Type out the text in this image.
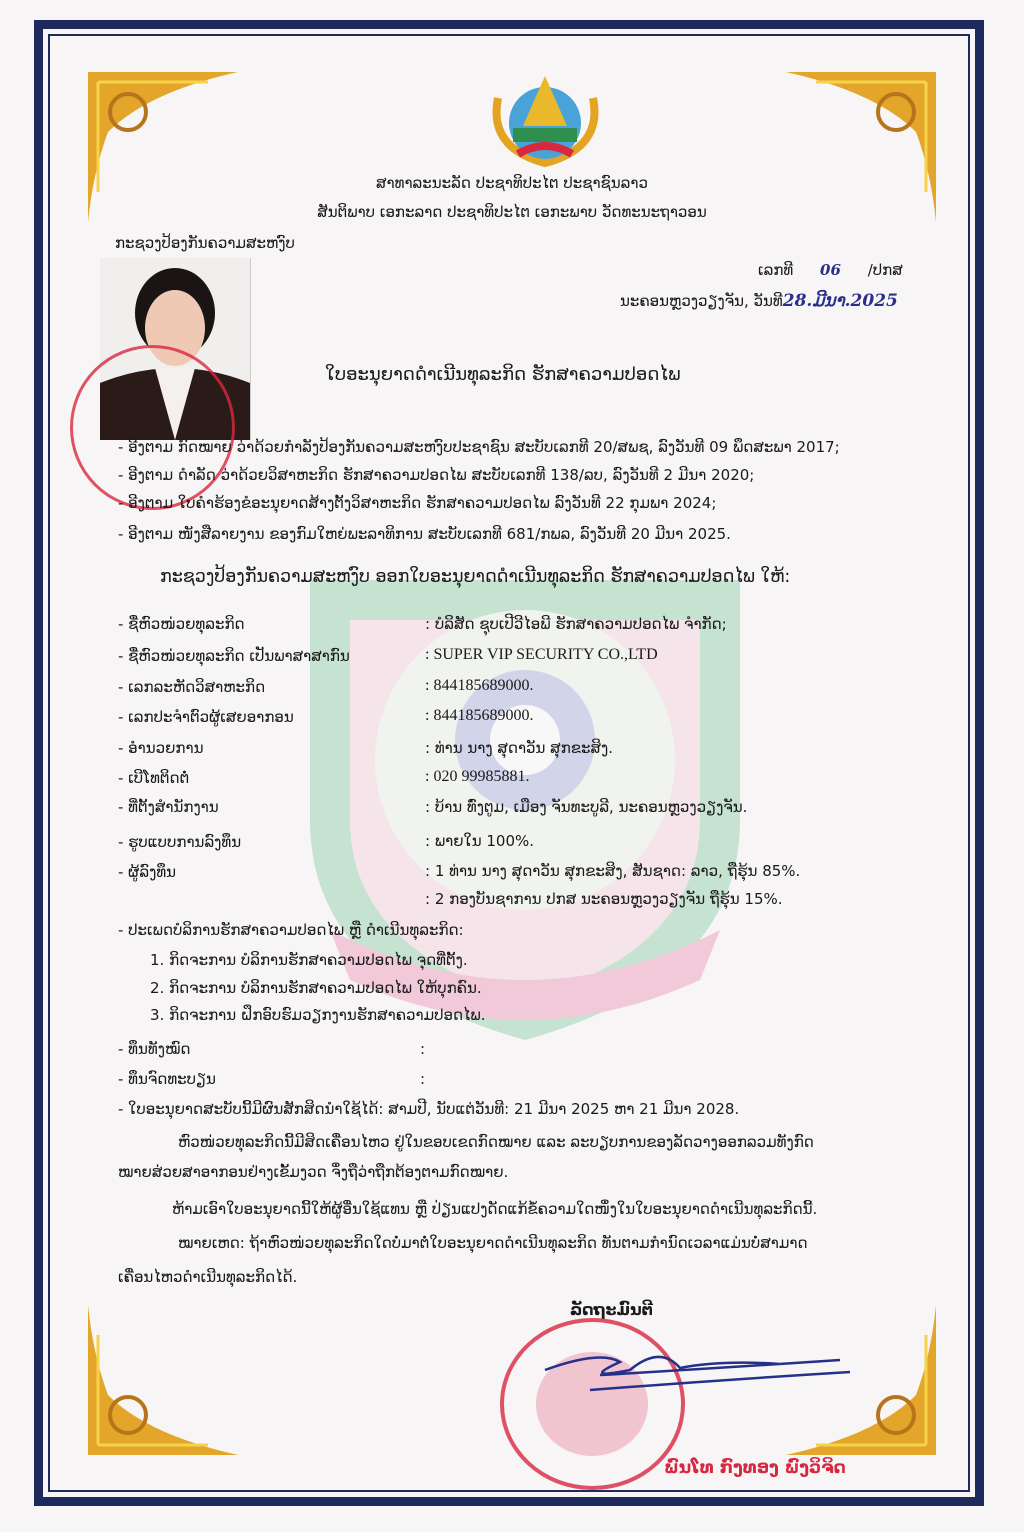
ສາທາລະນະລັດ ປະຊາທິປະໄຕ ປະຊາຊົນລາວ
ສັນຕິພາບ ເອກະລາດ ປະຊາທິປະໄຕ ເອກະພາບ ວັດທະນະຖາວອນ
ກະຊວງປ້ອງກັນຄວາມສະຫງົບ
ເລກທີ 06 /ປກສ
ນະຄອນຫຼວງວຽງຈັນ, ວັນທີ28.ມີນາ.2025
ໃບອະນຸຍາດດຳເນີນທຸລະກິດ ຮັກສາຄວາມປອດໄພ
- ອີງຕາມ ກົດໝາຍ ວ່າດ້ວຍກຳລັງປ້ອງກັນຄວາມສະຫງົບປະຊາຊົນ ສະບັບເລກທີ 20/ສພຊ, ລົງວັນທີ 09 ພຶດສະພາ 2017;
- ອີງຕາມ ດຳລັດ ວ່າດ້ວຍວິສາຫະກິດ ຮັກສາຄວາມປອດໄພ ສະບັບເລກທີ 138/ລບ, ລົງວັນທີ 2 ມີນາ 2020;
- ອີງຕາມ ໃບຄຳຮ້ອງຂໍອະນຸຍາດສ້າງຕັ້ງວິສາຫະກິດ ຮັກສາຄວາມປອດໄພ ລົງວັນທີ 22 ກຸມພາ 2024;
- ອີງຕາມ ໜັງສືລາຍງານ ຂອງກົມໃຫຍ່ພະລາທິການ ສະບັບເລກທີ 681/ກພລ, ລົງວັນທີ 20 ມີນາ 2025.
ກະຊວງປ້ອງກັນຄວາມສະຫງົບ ອອກໃບອະນຸຍາດດຳເນີນທຸລະກິດ ຮັກສາຄວາມປອດໄພ ໃຫ້:
- ຊື່ຫົວໜ່ວຍທຸລະກິດ	: ບໍລິສັດ ຊຸບເປີວີໄອພີ ຮັກສາຄວາມປອດໄພ ຈຳກັດ;
- ຊື່ຫົວໜ່ວຍທຸລະກິດ ເປັນພາສາສາກົນ	: SUPER VIP SECURITY CO.,LTD
- ເລກລະຫັດວິສາຫະກິດ	: 844185689000.
- ເລກປະຈຳຕົວຜູ້ເສຍອາກອນ	: 844185689000.
- ອຳນວຍການ	: ທ່ານ ນາງ ສຸດາວັນ ສຸກຂະສິງ.
- ເບີໂທຕິດຕໍ່	: 020 99985881.
- ທີ່ຕັ້ງສຳນັກງານ	: ບ້ານ ທົ່ງຕູມ, ເມືອງ ຈັນທະບູລີ, ນະຄອນຫຼວງວຽງຈັນ.
- ຮູບແບບການລົງທຶນ	: ພາຍໃນ 100%.
- ຜູ້ລົງທຶນ	: 1 ທ່ານ ນາງ ສຸດາວັນ ສຸກຂະສິງ, ສັນຊາດ: ລາວ, ຖືຮຸ້ນ 85%.
: 2 ກອງບັນຊາການ ປກສ ນະຄອນຫຼວງວຽງຈັນ ຖືຮຸ້ນ 15%.
- ປະເພດບໍລິການຮັກສາຄວາມປອດໄພ ຫຼື ດຳເນີນທຸລະກິດ:
1. ກິດຈະການ ບໍລິການຮັກສາຄວາມປອດໄພ ຈຸດທີ່ຕັ້ງ.
2. ກິດຈະການ ບໍລິການຮັກສາຄວາມປອດໄພ ໃຫ້ບຸກຄົນ.
3. ກິດຈະການ ຝຶກອົບຮົມວຽກງານຮັກສາຄວາມປອດໄພ.
- ທຶນທັງໝົດ	:
- ທຶນຈົດທະບຽນ	:
- ໃບອະນຸຍາດສະບັບນີ້ມີຜົນສັກສິດນຳໃຊ້ໄດ້: ສາມປີ, ນັບແຕ່ວັນທີ: 21 ມີນາ 2025 ຫາ 21 ມີນາ 2028.
ຫົວໜ່ວຍທຸລະກິດນີ້ມີສິດເຄື່ອນໄຫວ ຢູ່ໃນຂອບເຂດກົດໝາຍ ແລະ ລະບຽບການຂອງລັດວາງອອກລວມທັງກົດ
ໝາຍສ່ວຍສາອາກອນຢ່າງເຂັ້ມງວດ ຈຶ່ງຖືວ່າຖືກຕ້ອງຕາມກົດໝາຍ.
ຫ້າມເອົາໃບອະນຸຍາດນີ້ໃຫ້ຜູ້ອື່ນໃຊ້ແທນ ຫຼື ປ່ຽນແປງດັດແກ້ຂໍ້ຄວາມໃດໜຶ່ງໃນໃບອະນຸຍາດດຳເນີນທຸລະກິດນີ້.
ໝາຍເຫດ: ຖ້າຫົວໜ່ວຍທຸລະກິດໃດບໍ່ມາຕໍ່ໃບອະນຸຍາດດຳເນີນທຸລະກິດ ທັນຕາມກຳນົດເວລາແມ່ນບໍ່ສາມາດ
ເຄື່ອນໄຫວດຳເນີນທຸລະກິດໄດ້.
ລັດຖະມົນຕີ
ພົນໂທ ກົງທອງ ພົງວິຈິດ
